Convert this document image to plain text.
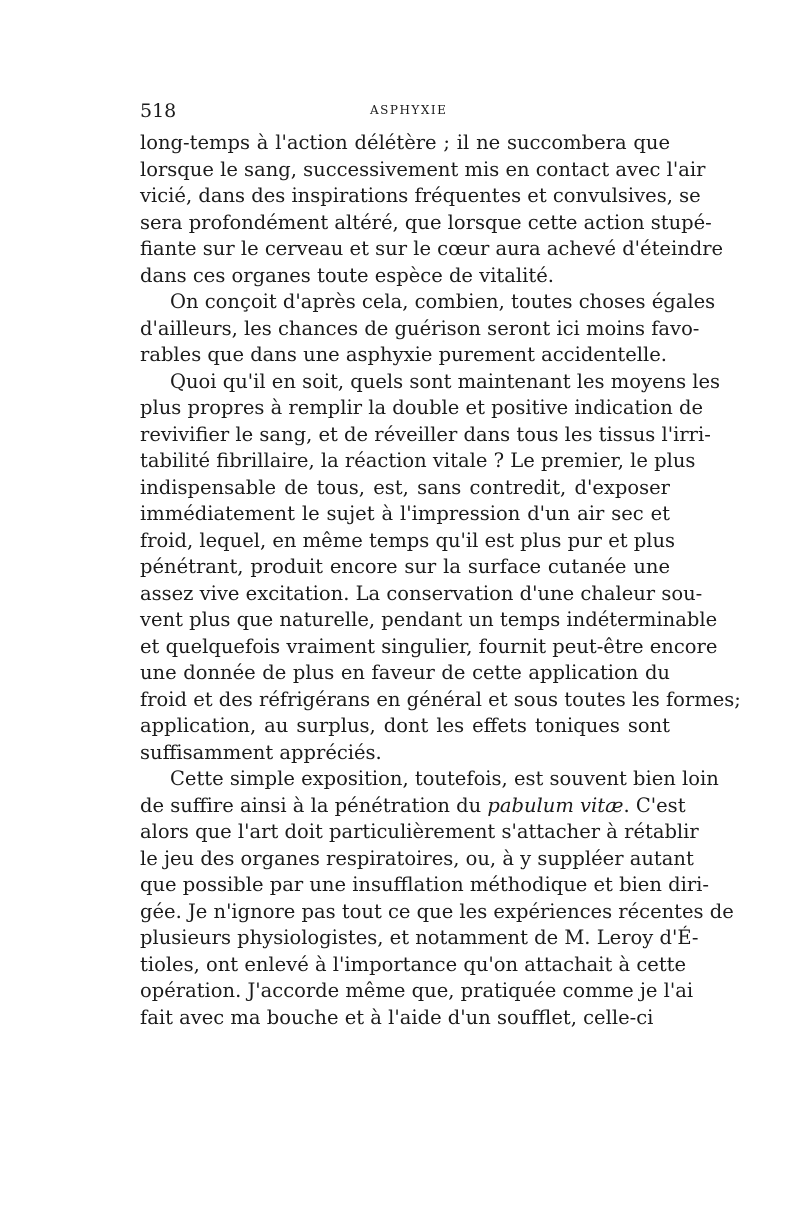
518	ASPHYXIE
long-temps à l'action délétère ; il ne succombera que
lorsque le sang, successivement mis en contact avec l'air
vicié, dans des inspirations fréquentes et convulsives, se
sera profondément altéré, que lorsque cette action stupé-
fiante sur le cerveau et sur le cœur aura achevé d'éteindre
dans ces organes toute espèce de vitalité.
On conçoit d'après cela, combien, toutes choses égales
d'ailleurs, les chances de guérison seront ici moins favo-
rables que dans une asphyxie purement accidentelle.
Quoi qu'il en soit, quels sont maintenant les moyens les
plus propres à remplir la double et positive indication de
revivifier le sang, et de réveiller dans tous les tissus l'irri-
tabilité fibrillaire, la réaction vitale ? Le premier, le plus
indispensable de tous, est, sans contredit, d'exposer
immédiatement le sujet à l'impression d'un air sec et
froid, lequel, en même temps qu'il est plus pur et plus
pénétrant, produit encore sur la surface cutanée une
assez vive excitation. La conservation d'une chaleur sou-
vent plus que naturelle, pendant un temps indéterminable
et quelquefois vraiment singulier, fournit peut-être encore
une donnée de plus en faveur de cette application du
froid et des réfrigérans en général et sous toutes les formes;
application, au surplus, dont les effets toniques sont
suffisamment appréciés.
Cette simple exposition, toutefois, est souvent bien loin
de suffire ainsi à la pénétration du pabulum vitæ. C'est
alors que l'art doit particulièrement s'attacher à rétablir
le jeu des organes respiratoires, ou, à y suppléer autant
que possible par une insufflation méthodique et bien diri-
gée. Je n'ignore pas tout ce que les expériences récentes de
plusieurs physiologistes, et notamment de M. Leroy d'É-
tioles, ont enlevé à l'importance qu'on attachait à cette
opération. J'accorde même que, pratiquée comme je l'ai
fait avec ma bouche et à l'aide d'un soufflet, celle-ci
